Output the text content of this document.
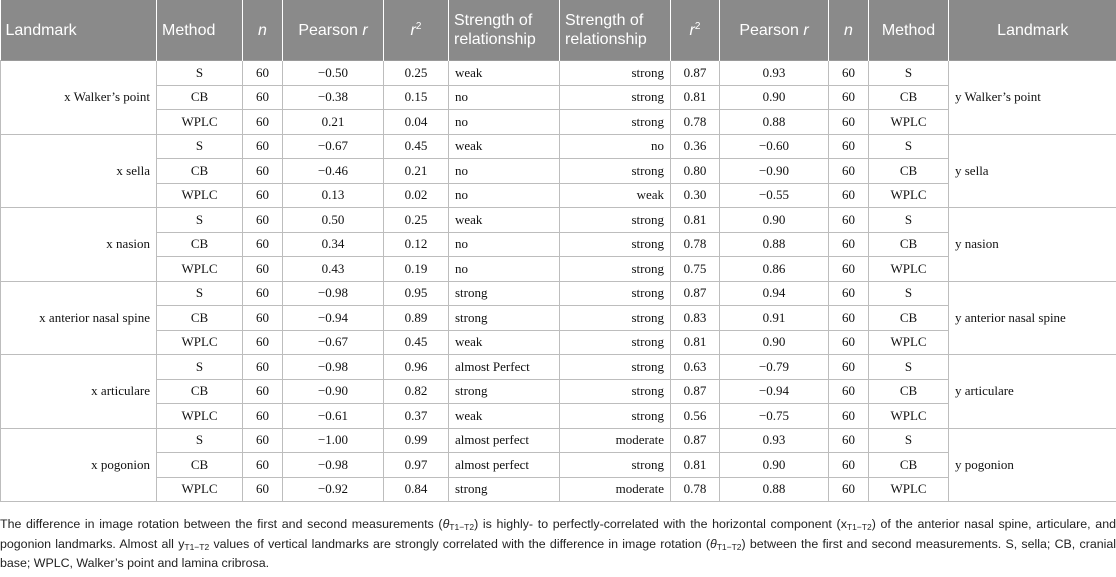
Landmark	Method	n	Pearson r	$r^2$	Strength of relationship	Strength of relationship	$r^2$	Pearson r	n	Method	Landmark
x Walker’s point	S	60	−0.50	0.25	weak	strong	0.87	0.93	60	S	y Walker’s point
	CB	60	−0.38	0.15	no	strong	0.81	0.90	60	CB	
	WPLC	60	0.21	0.04	no	strong	0.78	0.88	60	WPLC	
x sella	S	60	−0.67	0.45	weak	no	0.36	−0.60	60	S	y sella
	CB	60	−0.46	0.21	no	strong	0.80	−0.90	60	CB	
	WPLC	60	0.13	0.02	no	weak	0.30	−0.55	60	WPLC	
x nasion	S	60	0.50	0.25	weak	strong	0.81	0.90	60	S	y nasion
	CB	60	0.34	0.12	no	strong	0.78	0.88	60	CB	
	WPLC	60	0.43	0.19	no	strong	0.75	0.86	60	WPLC	
x anterior nasal spine	S	60	−0.98	0.95	strong	strong	0.87	0.94	60	S	y anterior nasal spine
	CB	60	−0.94	0.89	strong	strong	0.83	0.91	60	CB	
	WPLC	60	−0.67	0.45	weak	strong	0.81	0.90	60	WPLC	
x articulare	S	60	−0.98	0.96	almost Perfect	strong	0.63	−0.79	60	S	y articulare
	CB	60	−0.90	0.82	strong	strong	0.87	−0.94	60	CB	
	WPLC	60	−0.61	0.37	weak	strong	0.56	−0.75	60	WPLC	
x pogonion	S	60	−1.00	0.99	almost perfect	moderate	0.87	0.93	60	S	y pogonion
	CB	60	−0.98	0.97	almost perfect	strong	0.81	0.90	60	CB	
	WPLC	60	−0.92	0.84	strong	moderate	0.78	0.88	60	WPLC	

The difference in image rotation between the first and second measurements $(\theta_{T1-T2})$ is highly- to perfectly-correlated with the horizontal component $(x_{T1-T2})$ of the anterior nasal spine, articulare, and pogonion landmarks. Almost all $y_{T1-T2}$ values of vertical landmarks are strongly correlated with the difference in image rotation $(\theta_{T1-T2})$ between the first and second measurements. S, sella; CB, cranial base; WPLC, Walker’s point and lamina cribrosa.
